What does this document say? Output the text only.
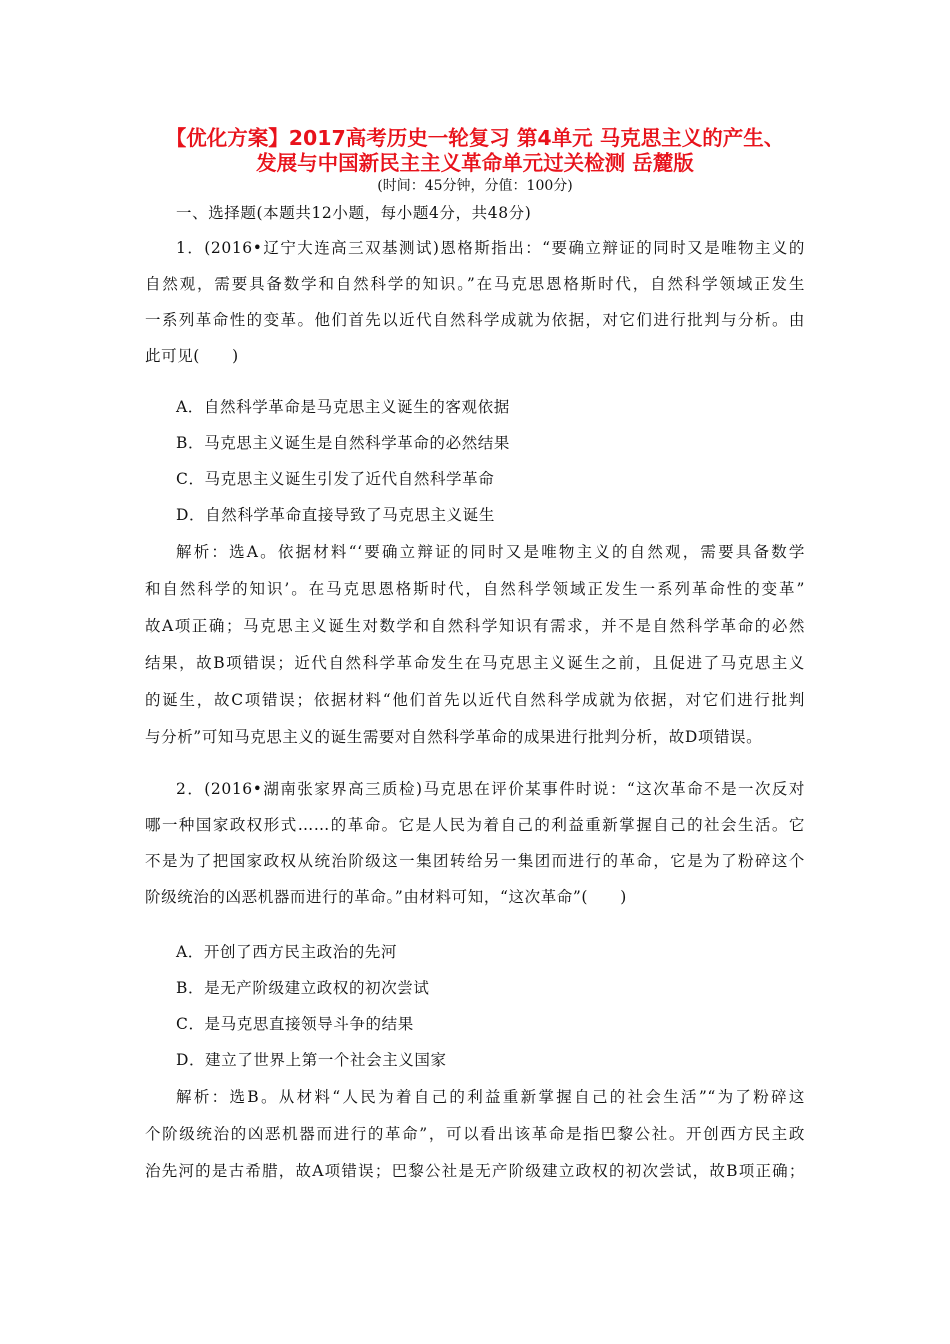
【优化方案】2017高考历史一轮复习 第4单元 马克思主义的产生、
发展与中国新民主主义革命单元过关检测 岳麓版
(时间：45分钟，分值：100分)
一、选择题(本题共12小题，每小题4分，共48分)
1．(2016•辽宁大连高三双基测试)恩格斯指出：“要确立辩证的同时又是唯物主义的
自然观，需要具备数学和自然科学的知识。”在马克思恩格斯时代，自然科学领域正发生
一系列革命性的变革。他们首先以近代自然科学成就为依据，对它们进行批判与分析。由
此可见(　　)
A．自然科学革命是马克思主义诞生的客观依据
B．马克思主义诞生是自然科学革命的必然结果
C．马克思主义诞生引发了近代自然科学革命
D．自然科学革命直接导致了马克思主义诞生
解析：选A。依据材料“‘要确立辩证的同时又是唯物主义的自然观，需要具备数学
和自然科学的知识’。在马克思恩格斯时代，自然科学领域正发生一系列革命性的变革”
故A项正确；马克思主义诞生对数学和自然科学知识有需求，并不是自然科学革命的必然
结果，故B项错误；近代自然科学革命发生在马克思主义诞生之前，且促进了马克思主义
的诞生，故C项错误；依据材料“他们首先以近代自然科学成就为依据，对它们进行批判
与分析”可知马克思主义的诞生需要对自然科学革命的成果进行批判分析，故D项错误。
2．(2016•湖南张家界高三质检)马克思在评价某事件时说：“这次革命不是一次反对
哪一种国家政权形式……的革命。它是人民为着自己的利益重新掌握自己的社会生活。它
不是为了把国家政权从统治阶级这一集团转给另一集团而进行的革命，它是为了粉碎这个
阶级统治的凶恶机器而进行的革命。”由材料可知，“这次革命”(　　)
A．开创了西方民主政治的先河
B．是无产阶级建立政权的初次尝试
C．是马克思直接领导斗争的结果
D．建立了世界上第一个社会主义国家
解析：选B。从材料“人民为着自己的利益重新掌握自己的社会生活”“为了粉碎这
个阶级统治的凶恶机器而进行的革命”，可以看出该革命是指巴黎公社。开创西方民主政
治先河的是古希腊，故A项错误；巴黎公社是无产阶级建立政权的初次尝试，故B项正确；
